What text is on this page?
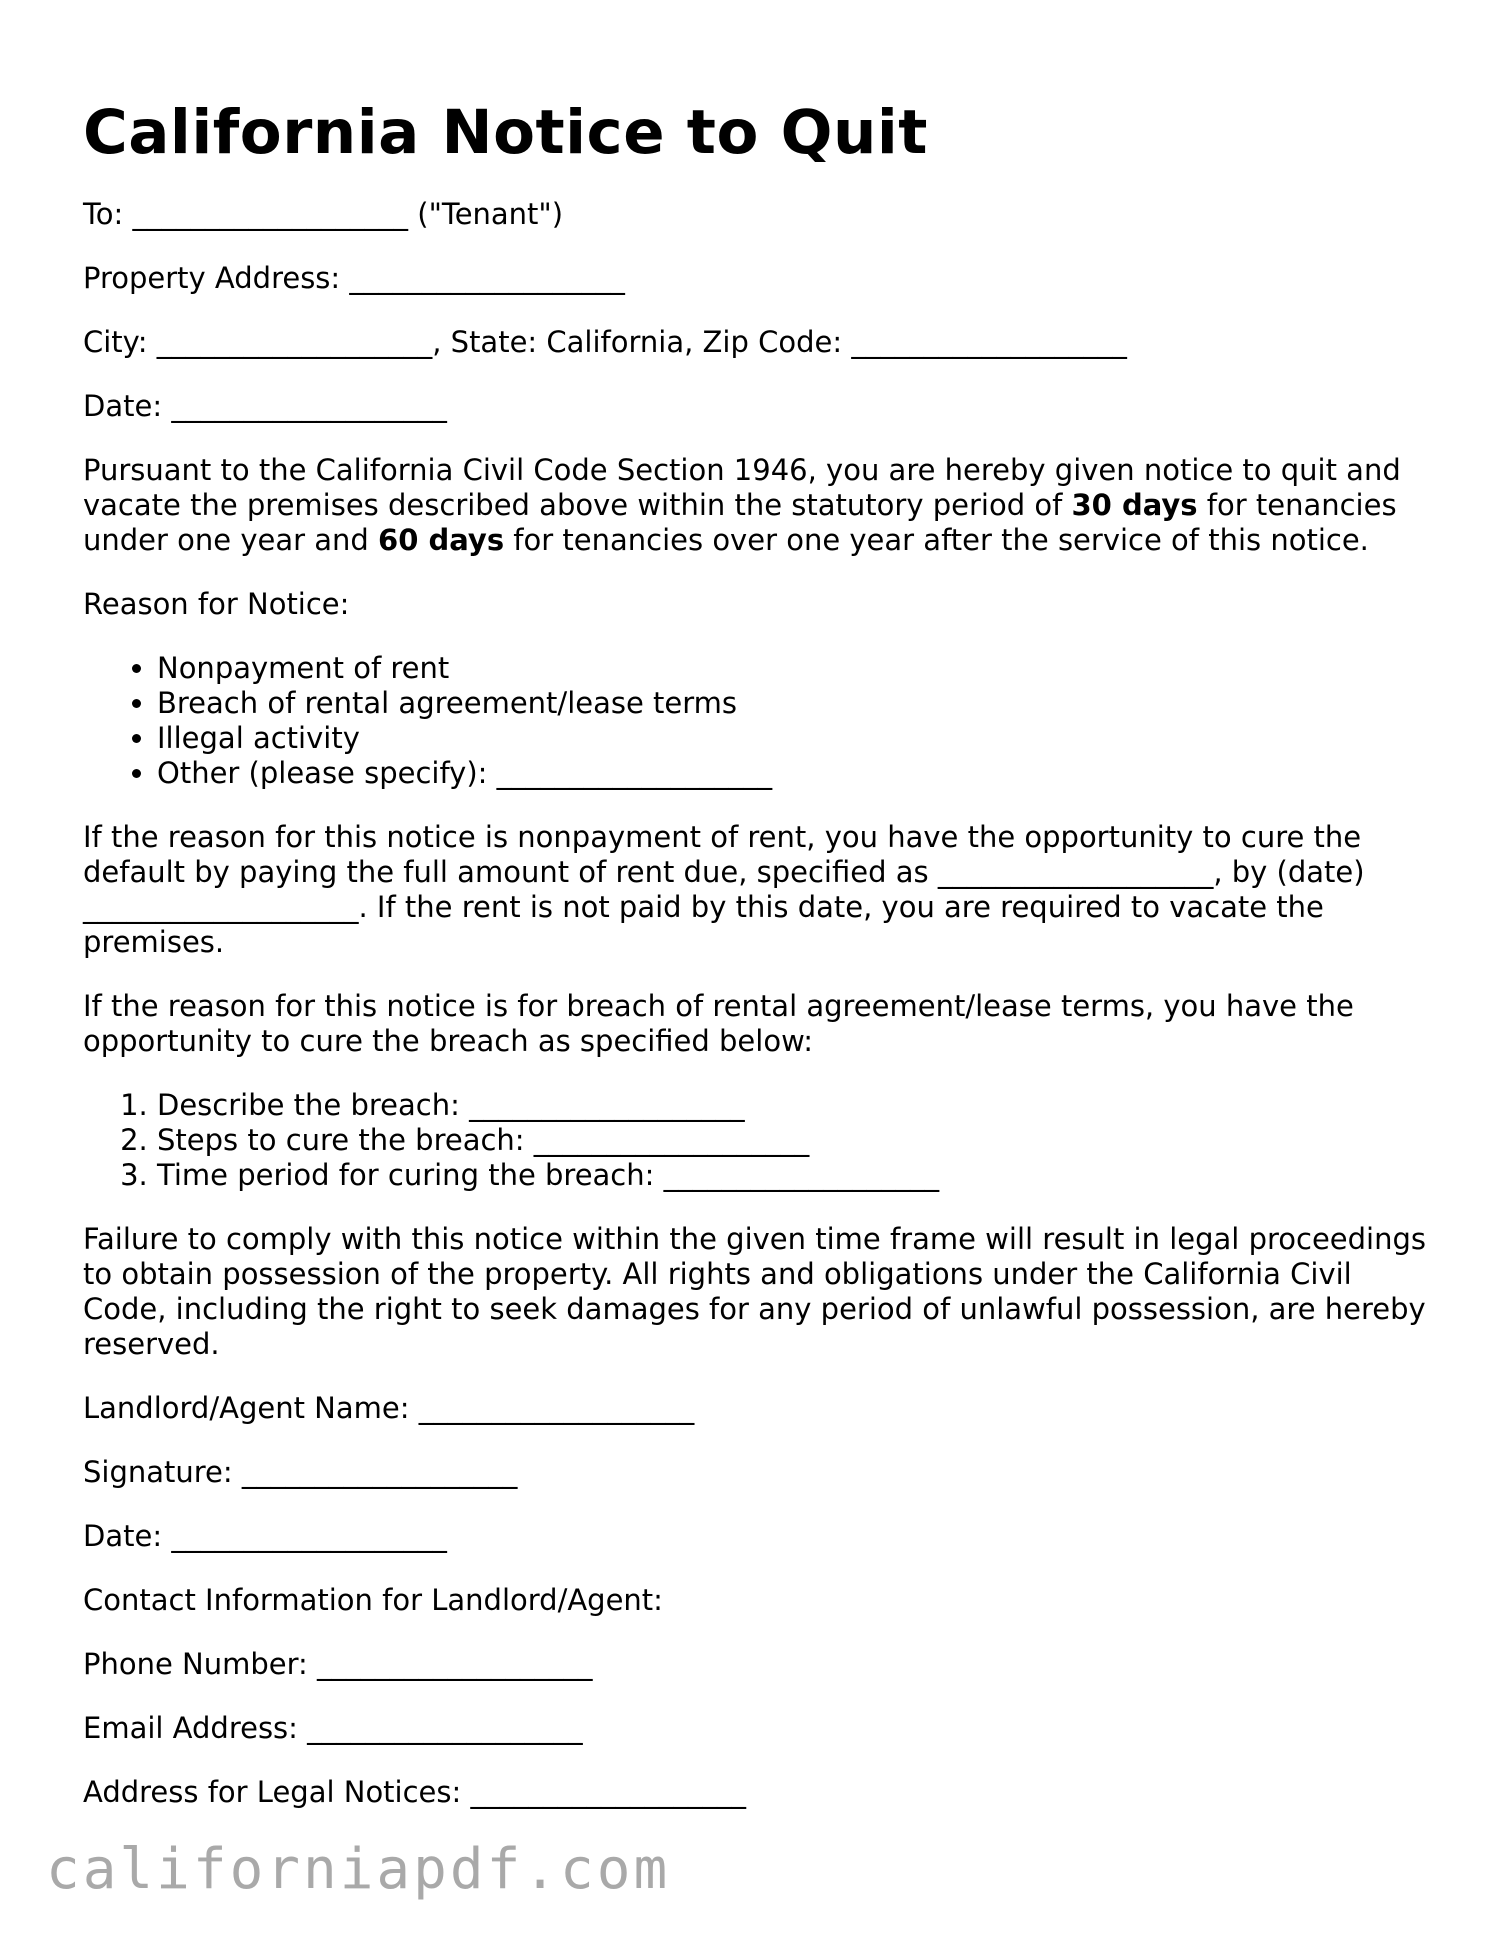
California Notice to Quit

To: ___________________ ("Tenant")

Property Address: ___________________

City: ___________________, State: California, Zip Code: ___________________

Date: ___________________

Pursuant to the California Civil Code Section 1946, you are hereby given notice to quit and vacate the premises described above within the statutory period of 30 days for tenancies under one year and 60 days for tenancies over one year after the service of this notice.

Reason for Notice:

• Nonpayment of rent
• Breach of rental agreement/lease terms
• Illegal activity
• Other (please specify): ___________________

If the reason for this notice is nonpayment of rent, you have the opportunity to cure the default by paying the full amount of rent due, specified as ___________________, by (date) ___________________. If the rent is not paid by this date, you are required to vacate the premises.

If the reason for this notice is for breach of rental agreement/lease terms, you have the opportunity to cure the breach as specified below:

1. Describe the breach: ___________________
2. Steps to cure the breach: ___________________
3. Time period for curing the breach: ___________________

Failure to comply with this notice within the given time frame will result in legal proceedings to obtain possession of the property. All rights and obligations under the California Civil Code, including the right to seek damages for any period of unlawful possession, are hereby reserved.

Landlord/Agent Name: ___________________

Signature: ___________________

Date: ___________________

Contact Information for Landlord/Agent:

Phone Number: ___________________

Email Address: ___________________

Address for Legal Notices: ___________________

californiapdf.com
